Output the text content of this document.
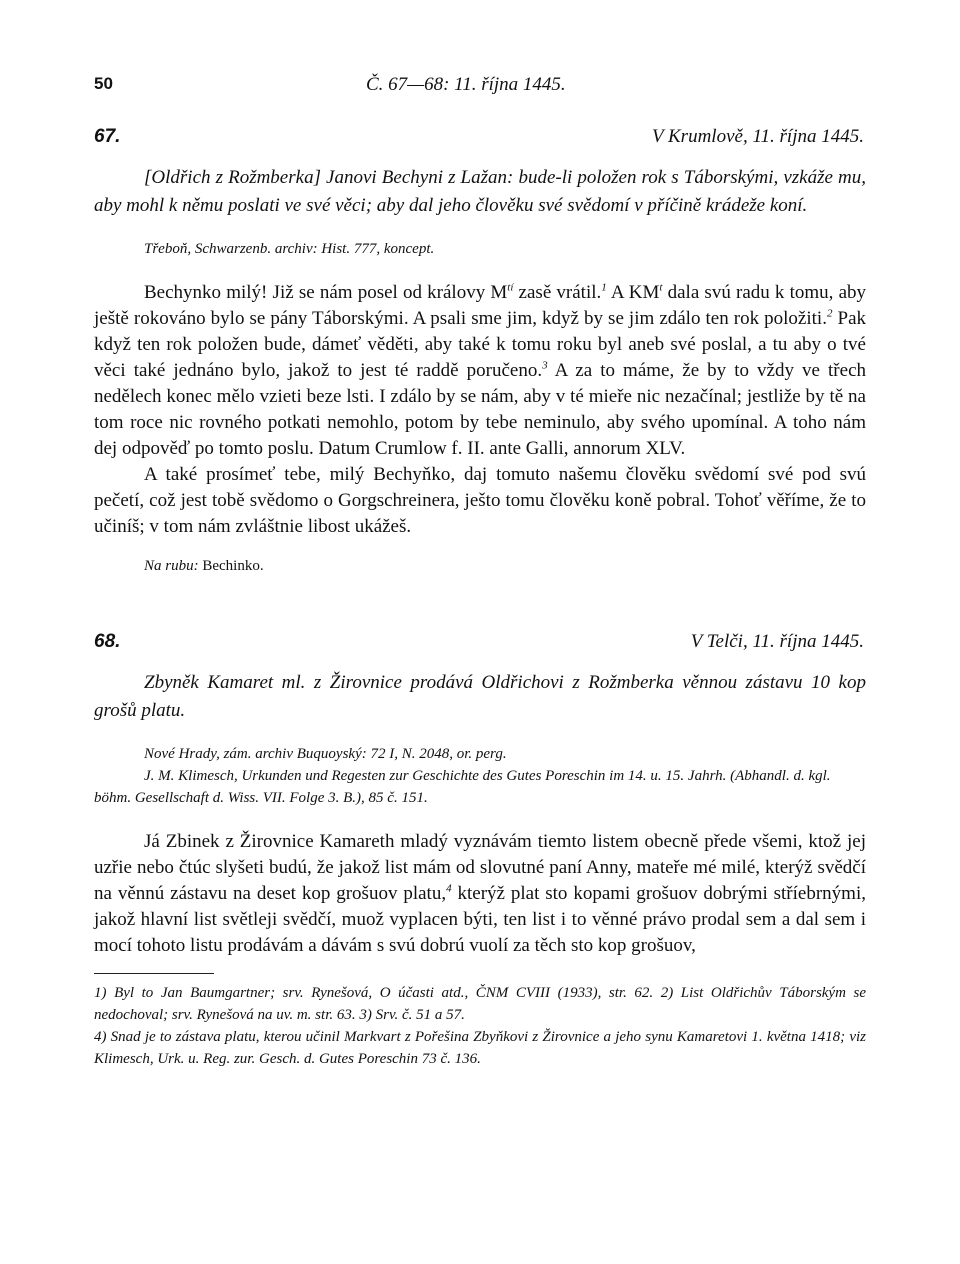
50	Č. 67—68: 11. října 1445.
67.	V Krumlově, 11. října 1445.

[Oldřich z Rožmberka] Janovi Bechyni z Lažan: bude-li položen rok s Táborskými, vzkáže mu, aby mohl k němu poslati ve své věci; aby dal jeho člověku své svědomí v příčině krádeže koní.

Třeboň, Schwarzenb. archiv: Hist. 777, koncept.

Bechynko milý! Již se nám posel od královy $M^{tí}$ zasě vrátil.$^1$ A $KM^t$ dala svú radu k tomu, aby ještě rokováno bylo se pány Táborskými. A psali sme jim, když by se jim zdálo ten rok položiti.$^2$ Pak když ten rok položen bude, dámeť věděti, aby také k tomu roku byl aneb své poslal, a tu aby o tvé věci také jednáno bylo, jakož to jest té raddě poručeno.$^3$ A za to máme, že by to vždy ve třech nedělech konec mělo vzieti beze lsti. I zdálo by se nám, aby v té mieře nic nezačínal; jestliže by tě na tom roce nic rovného potkati nemohlo, potom by tebe neminulo, aby svého upomínal. A toho nám dej odpověď po tomto poslu. Datum Crumlow f. II. ante Galli, annorum XLV.

A také prosímeť tebe, milý Bechyňko, daj tomuto našemu člověku svědomí své pod svú pečetí, což jest tobě svědomo o Gorgschreinera, ješto tomu člověku koně pobral. Tohoť věříme, že to učiníš; v tom nám zvláštnie libost ukážeš.

Na rubu: Bechinko.

68.	V Telči, 11. října 1445.

Zbyněk Kamaret ml. z Žirovnice prodává Oldřichovi z Rožmberka věnnou zástavu 10 kop grošů platu.

Nové Hrady, zám. archiv Buquoyský: 72 I, N. 2048, or. perg.

J. M. Klimesch, Urkunden und Regesten zur Geschichte des Gutes Poreschin im 14. u. 15. Jahrh. (Abhandl. d. kgl. böhm. Gesellschaft d. Wiss. VII. Folge 3. B.), 85 č. 151.

Já Zbinek z Žirovnice Kamareth mladý vyznávám tiemto listem obecně přede všemi, ktož jej uzřie nebo čtúc slyšeti budú, že jakož list mám od slovutné paní Anny, mateře mé milé, kterýž svědčí na věnnú zástavu na deset kop grošuov platu,$^4$ kterýž plat sto kopami grošuov dobrými stříebrnými, jakož hlavní list světleji svědčí, muož vyplacen býti, ten list i to věnné právo prodal sem a dal sem i mocí tohoto listu prodávám a dávám s svú dobrú vuolí za těch sto kop grošuov,

1) Byl to Jan Baumgartner; srv. Rynešová, O účasti atd., ČNM CVIII (1933), str. 62. 2) List Oldřichův Táborským se nedochoval; srv. Rynešová na uv. m. str. 63. 3) Srv. č. 51 a 57.
4) Snad je to zástava platu, kterou učinil Markvart z Pořešina Zbyňkovi z Žirovnice a jeho synu Kamaretovi 1. května 1418; viz Klimesch, Urk. u. Reg. zur. Gesch. d. Gutes Poreschin 73 č. 136.
